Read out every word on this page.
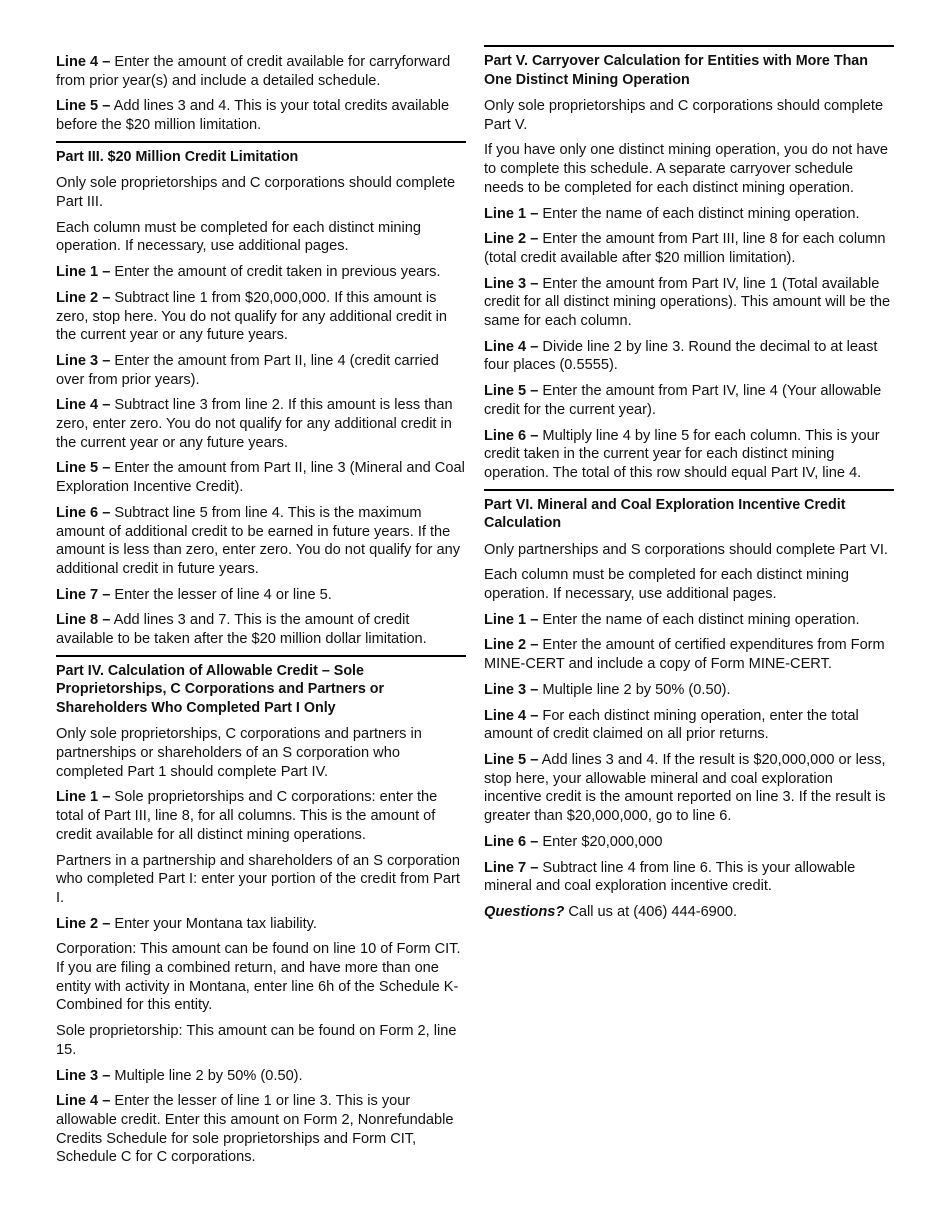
Line 4 – Enter the amount of credit available for carryforward from prior year(s) and include a detailed schedule.

Line 5 – Add lines 3 and 4. This is your total credits available before the $20 million limitation.

Part III. $20 Million Credit Limitation

Only sole proprietorships and C corporations should complete Part III.

Each column must be completed for each distinct mining operation. If necessary, use additional pages.

Line 1 – Enter the amount of credit taken in previous years.

Line 2 – Subtract line 1 from $20,000,000. If this amount is zero, stop here. You do not qualify for any additional credit in the current year or any future years.

Line 3 – Enter the amount from Part II, line 4 (credit carried over from prior years).

Line 4 – Subtract line 3 from line 2. If this amount is less than zero, enter zero. You do not qualify for any additional credit in the current year or any future years.

Line 5 – Enter the amount from Part II, line 3 (Mineral and Coal Exploration Incentive Credit).

Line 6 – Subtract line 5 from line 4. This is the maximum amount of additional credit to be earned in future years. If the amount is less than zero, enter zero. You do not qualify for any additional credit in future years.

Line 7 – Enter the lesser of line 4 or line 5.

Line 8 – Add lines 3 and 7. This is the amount of credit available to be taken after the $20 million dollar limitation.

Part IV. Calculation of Allowable Credit – Sole Proprietorships, C Corporations and Partners or Shareholders Who Completed Part I Only

Only sole proprietorships, C corporations and partners in partnerships or shareholders of an S corporation who completed Part 1 should complete Part IV.

Line 1 – Sole proprietorships and C corporations: enter the total of Part III, line 8, for all columns. This is the amount of credit available for all distinct mining operations.

Partners in a partnership and shareholders of an S corporation who completed Part I: enter your portion of the credit from Part I.

Line 2 – Enter your Montana tax liability.

Corporation: This amount can be found on line 10 of Form CIT. If you are filing a combined return, and have more than one entity with activity in Montana, enter line 6h of the Schedule K-Combined for this entity.

Sole proprietorship: This amount can be found on Form 2, line 15.

Line 3 – Multiple line 2 by 50% (0.50).

Line 4 – Enter the lesser of line 1 or line 3. This is your allowable credit. Enter this amount on Form 2, Nonrefundable Credits Schedule for sole proprietorships and Form CIT, Schedule C for C corporations.

Part V. Carryover Calculation for Entities with More Than One Distinct Mining Operation

Only sole proprietorships and C corporations should complete Part V.

If you have only one distinct mining operation, you do not have to complete this schedule. A separate carryover schedule needs to be completed for each distinct mining operation.

Line 1 – Enter the name of each distinct mining operation.

Line 2 – Enter the amount from Part III, line 8 for each column (total credit available after $20 million limitation).

Line 3 – Enter the amount from Part IV, line 1 (Total available credit for all distinct mining operations). This amount will be the same for each column.

Line 4 – Divide line 2 by line 3. Round the decimal to at least four places (0.5555).

Line 5 – Enter the amount from Part IV, line 4 (Your allowable credit for the current year).

Line 6 – Multiply line 4 by line 5 for each column. This is your credit taken in the current year for each distinct mining operation. The total of this row should equal Part IV, line 4.

Part VI. Mineral and Coal Exploration Incentive Credit Calculation

Only partnerships and S corporations should complete Part VI.

Each column must be completed for each distinct mining operation. If necessary, use additional pages.

Line 1 – Enter the name of each distinct mining operation.

Line 2 – Enter the amount of certified expenditures from Form MINE-CERT and include a copy of Form MINE-CERT.

Line 3 – Multiple line 2 by 50% (0.50).

Line 4 – For each distinct mining operation, enter the total amount of credit claimed on all prior returns.

Line 5 – Add lines 3 and 4. If the result is $20,000,000 or less, stop here, your allowable mineral and coal exploration incentive credit is the amount reported on line 3. If the result is greater than $20,000,000, go to line 6.

Line 6 – Enter $20,000,000

Line 7 – Subtract line 4 from line 6. This is your allowable mineral and coal exploration incentive credit.

Questions? Call us at (406) 444-6900.
